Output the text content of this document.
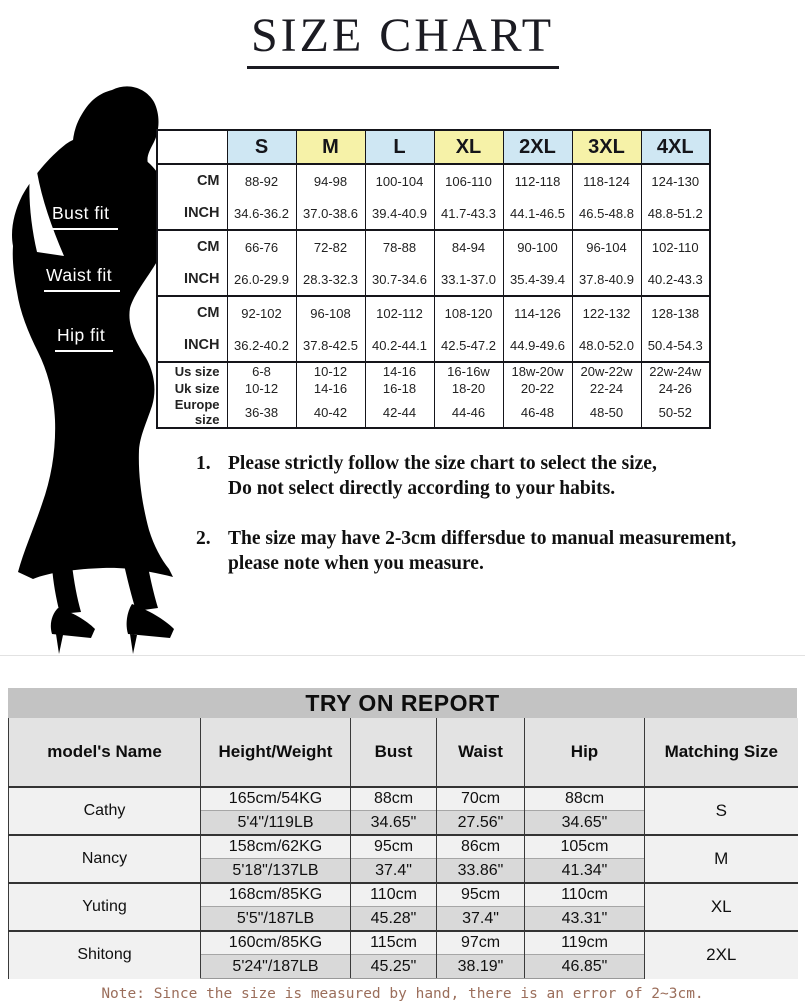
SIZE CHART
Bust fit
Waist fit
Hip fit
	S	M	L	XL	2XL	3XL	4XL
CM	88-92	94-98	100-104	106-110	112-118	118-124	124-130
INCH	34.6-36.2	37.0-38.6	39.4-40.9	41.7-43.3	44.1-46.5	46.5-48.8	48.8-51.2
CM	66-76	72-82	78-88	84-94	90-100	96-104	102-110
INCH	26.0-29.9	28.3-32.3	30.7-34.6	33.1-37.0	35.4-39.4	37.8-40.9	40.2-43.3
CM	92-102	96-108	102-112	108-120	114-126	122-132	128-138
INCH	36.2-40.2	37.8-42.5	40.2-44.1	42.5-47.2	44.9-49.6	48.0-52.0	50.4-54.3
Us size	6-8	10-12	14-16	16-16w	18w-20w	20w-22w	22w-24w
Uk size	10-12	14-16	16-18	18-20	20-22	22-24	24-26
Europe size	36-38	40-42	42-44	44-46	46-48	48-50	50-52
1. Please strictly follow the size chart to select the size,
Do not select directly according to your habits.
2. The size may have 2-3cm differsdue to manual measurement,
please note when you measure.
TRY ON REPORT
model's Name	Height/Weight	Bust	Waist	Hip	Matching Size
Cathy	165cm/54KG	88cm	70cm	88cm	S
	5'4"/119LB	34.65"	27.56"	34.65"	
Nancy	158cm/62KG	95cm	86cm	105cm	M
	5'18"/137LB	37.4"	33.86"	41.34"	
Yuting	168cm/85KG	110cm	95cm	110cm	XL
	5'5"/187LB	45.28"	37.4"	43.31"	
Shitong	160cm/85KG	115cm	97cm	119cm	2XL
	5'24"/187LB	45.25"	38.19"	46.85"	
Note: Since the size is measured by hand, there is an error of 2~3cm.
